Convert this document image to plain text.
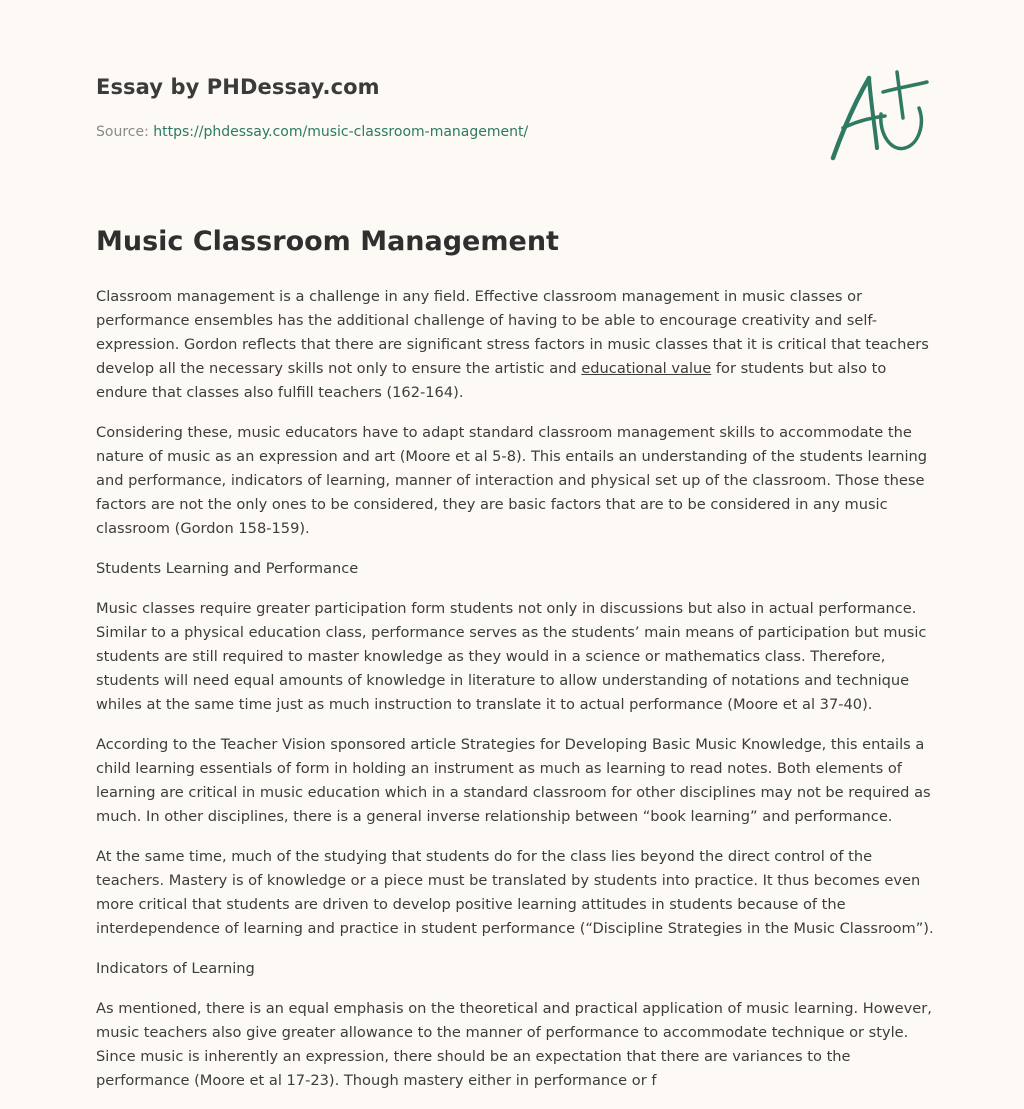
Essay by PHDessay.com
Source: https://phdessay.com/music-classroom-management/
Music Classroom Management

Classroom management is a challenge in any field. Effective classroom management in music classes or performance ensembles has the additional challenge of having to be able to encourage creativity and self-expression. Gordon reflects that there are significant stress factors in music classes that it is critical that teachers develop all the necessary skills not only to ensure the artistic and educational value for students but also to endure that classes also fulfill teachers (162-164).

Considering these, music educators have to adapt standard classroom management skills to accommodate the nature of music as an expression and art (Moore et al 5-8). This entails an understanding of the students learning and performance, indicators of learning, manner of interaction and physical set up of the classroom. Those these factors are not the only ones to be considered, they are basic factors that are to be considered in any music classroom (Gordon 158-159).

Students Learning and Performance

Music classes require greater participation form students not only in discussions but also in actual performance. Similar to a physical education class, performance serves as the students’ main means of participation but music students are still required to master knowledge as they would in a science or mathematics class. Therefore, students will need equal amounts of knowledge in literature to allow understanding of notations and technique whiles at the same time just as much instruction to translate it to actual performance (Moore et al 37-40).

According to the Teacher Vision sponsored article Strategies for Developing Basic Music Knowledge, this entails a child learning essentials of form in holding an instrument as much as learning to read notes. Both elements of learning are critical in music education which in a standard classroom for other disciplines may not be required as much. In other disciplines, there is a general inverse relationship between “book learning” and performance.

At the same time, much of the studying that students do for the class lies beyond the direct control of the teachers. Mastery is of knowledge or a piece must be translated by students into practice. It thus becomes even more critical that students are driven to develop positive learning attitudes in students because of the interdependence of learning and practice in student performance (“Discipline Strategies in the Music Classroom”).

Indicators of Learning

As mentioned, there is an equal emphasis on the theoretical and practical application of music learning. However, music teachers also give greater allowance to the manner of performance to accommodate technique or style. Since music is inherently an expression, there should be an expectation that there are variances to the performance (Moore et al 17-23). Though mastery either in performance or f
